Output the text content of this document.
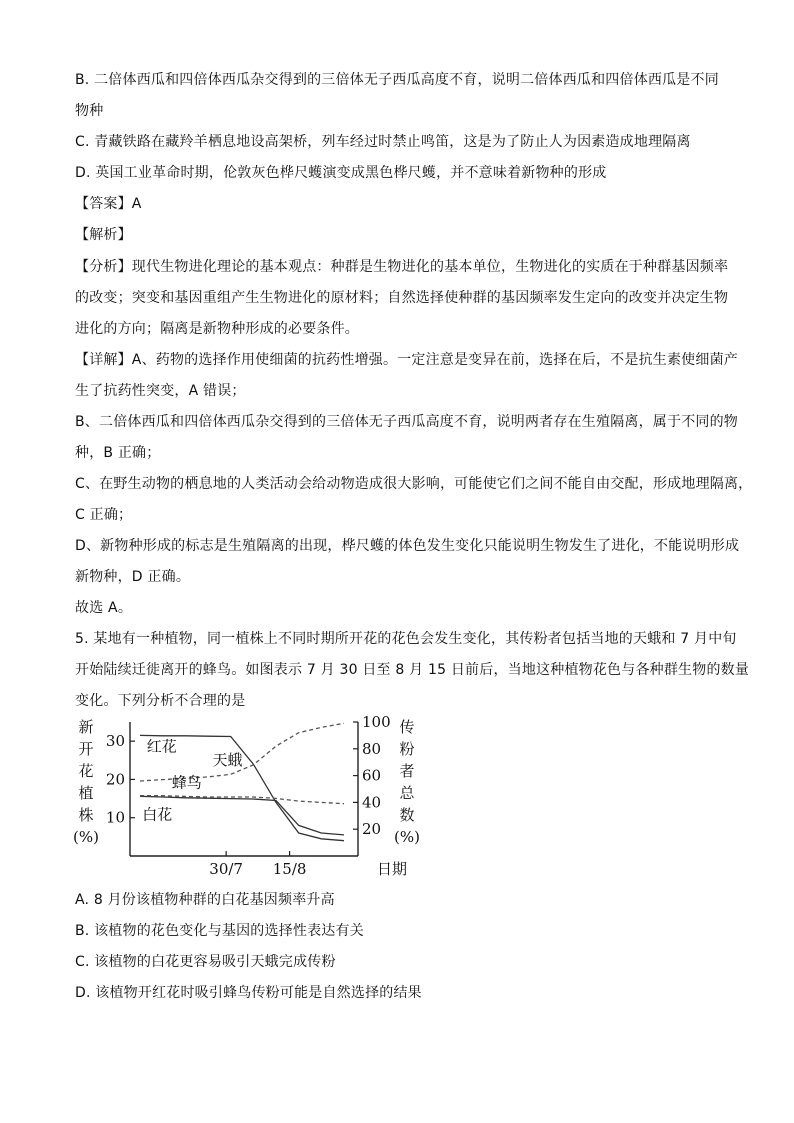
B. 二倍体西瓜和四倍体西瓜杂交得到的三倍体无子西瓜高度不育，说明二倍体西瓜和四倍体西瓜是不同
物种
C. 青藏铁路在藏羚羊栖息地设高架桥，列车经过时禁止鸣笛，这是为了防止人为因素造成地理隔离
D. 英国工业革命时期，伦敦灰色桦尺蠖演变成黑色桦尺蠖，并不意味着新物种的形成
【答案】A
【解析】
【分析】现代生物进化理论的基本观点：种群是生物进化的基本单位，生物进化的实质在于种群基因频率
的改变；突变和基因重组产生生物进化的原材料；自然选择使种群的基因频率发生定向的改变并决定生物
进化的方向；隔离是新物种形成的必要条件。
【详解】A、药物的选择作用使细菌的抗药性增强。一定注意是变异在前，选择在后，不是抗生素使细菌产
生了抗药性突变，A 错误；
B、二倍体西瓜和四倍体西瓜杂交得到的三倍体无子西瓜高度不育，说明两者存在生殖隔离，属于不同的物
种，B 正确；
C、在野生动物的栖息地的人类活动会给动物造成很大影响，可能使它们之间不能自由交配，形成地理隔离，
C 正确；
D、新物种形成的标志是生殖隔离的出现，桦尺蠖的体色发生变化只能说明生物发生了进化，不能说明形成
新物种，D 正确。
故选 A。
5. 某地有一种植物，同一植株上不同时期所开花的花色会发生变化，其传粉者包括当地的天蛾和 7 月中旬
开始陆续迁徙离开的蜂鸟。如图表示 7 月 30 日至 8 月 15 日前后，当地这种植物花色与各种群生物的数量
变化。下列分析不合理的是
10
20
30
20
40
60
80
100
30/7 15/8	日期
新
开
花
植
株
(%)
传
粉
者
总
数
(%)
红花
白花
天蛾
蜂鸟
A. 8 月份该植物种群的白花基因频率升高
B. 该植物的花色变化与基因的选择性表达有关
C. 该植物的白花更容易吸引天蛾完成传粉
D. 该植物开红花时吸引蜂鸟传粉可能是自然选择的结果
